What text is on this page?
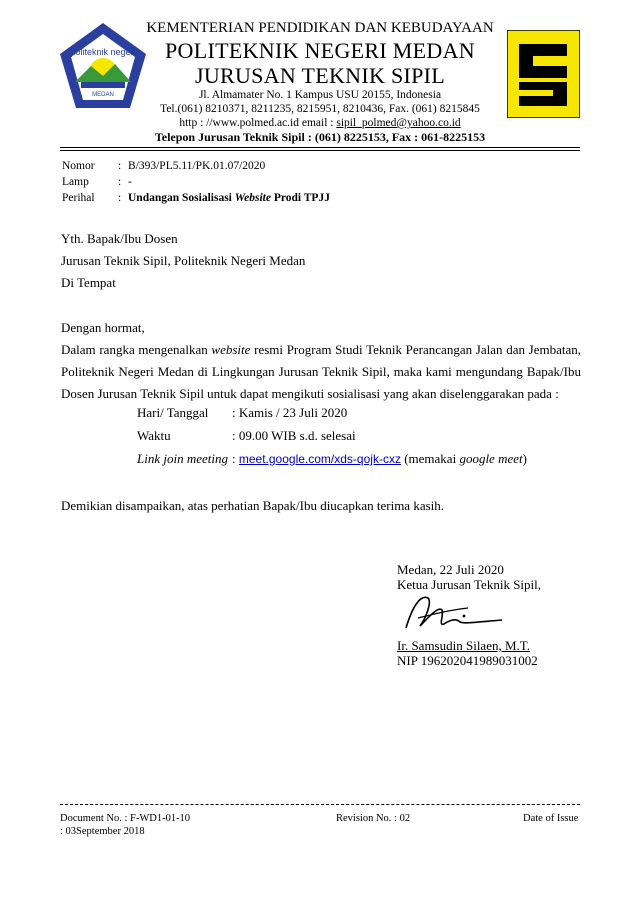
politeknik negeri
MEDAN
KEMENTERIAN PENDIDIKAN DAN KEBUDAYAAN
POLITEKNIK NEGERI MEDAN
JURUSAN TEKNIK SIPIL
Jl. Almamater No. 1 Kampus USU 20155, Indonesia
Tel.(061) 8210371, 8211235, 8215951, 8210436, Fax. (061) 8215845
http : //www.polmed.ac.id email : sipil_polmed@yahoo.co.id
Telepon Jurusan Teknik Sipil : (061) 8225153, Fax : 061-8225153
Nomor : B/393/PL5.11/PK.01.07/2020
Lamp	: -
Perihal : Undangan Sosialisasi Website Prodi TPJJ
Yth. Bapak/Ibu Dosen
Jurusan Teknik Sipil, Politeknik Negeri Medan
Di Tempat
Dengan hormat,
Dalam rangka mengenalkan website resmi Program Studi Teknik Perancangan Jalan dan Jembatan, Politeknik Negeri Medan di Lingkungan Jurusan Teknik Sipil, maka kami mengundang Bapak/Ibu Dosen Jurusan Teknik Sipil untuk dapat mengikuti sosialisasi yang akan diselenggarakan pada :
Hari/ Tanggal : Kamis / 23 Juli 2020
Waktu	: 09.00 WIB s.d. selesai
Link join meeting : meet.google.com/xds-qojk-cxz (memakai google meet)
Demikian disampaikan, atas perhatian Bapak/Ibu diucapkan terima kasih.
Medan, 22 Juli 2020
Ketua Jurusan Teknik Sipil,
Ir. Samsudin Silaen, M.T.
NIP 196202041989031002
Document No. : F-WD1-01-10
: 03September 2018
Revision No. : 02	Date of Issue
